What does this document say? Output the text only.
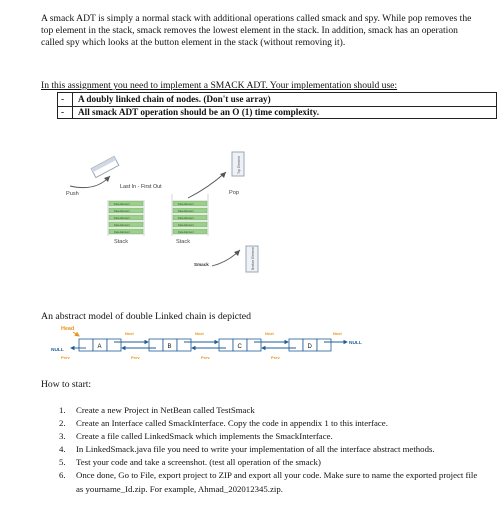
A smack ADT is simply a normal stack with additional operations called smack and spy. While pop removes the top element in the stack, smack removes the lowest element in the stack. In addition, smack has an operation called spy which looks at the button element in the stack (without removing it).
In this assignment you need to implement a SMACK ADT. Your implementation should use:
- A doubly linked chain of nodes. (Don't use array)
- All smack ADT operation should be an O (1) time complexity.
Push
Last In - First Out
Top Element
Pop
Data Element
Data Element
Data Element
Data Element
Data Element
Stack
Data Element
Data Element
Data Element
Data Element
Data Element
Stack
Smack	Bottom Element
An abstract model of double Linked chain is depicted
Head
NULL
A	B	C	D
Next	Next	Next	Next
NULL
Prev	Prev	Prev	Prev
How to start:
1. Create a new Project in NetBean called TestSmack
2. Create an Interface called SmackInterface. Copy the code in appendix 1 to this interface.
3. Create a file called LinkedSmack which implements the SmackInterface.
4. In LinkedSmack.java file you need to write your implementation of all the interface abstract methods.
5. Test your code and take a screenshot. (test all operation of the smack)
6. Once done, Go to File, export project to ZIP and export all your code. Make sure to name the exported project file as yourname_Id.zip. For example, Ahmad_202012345.zip.
